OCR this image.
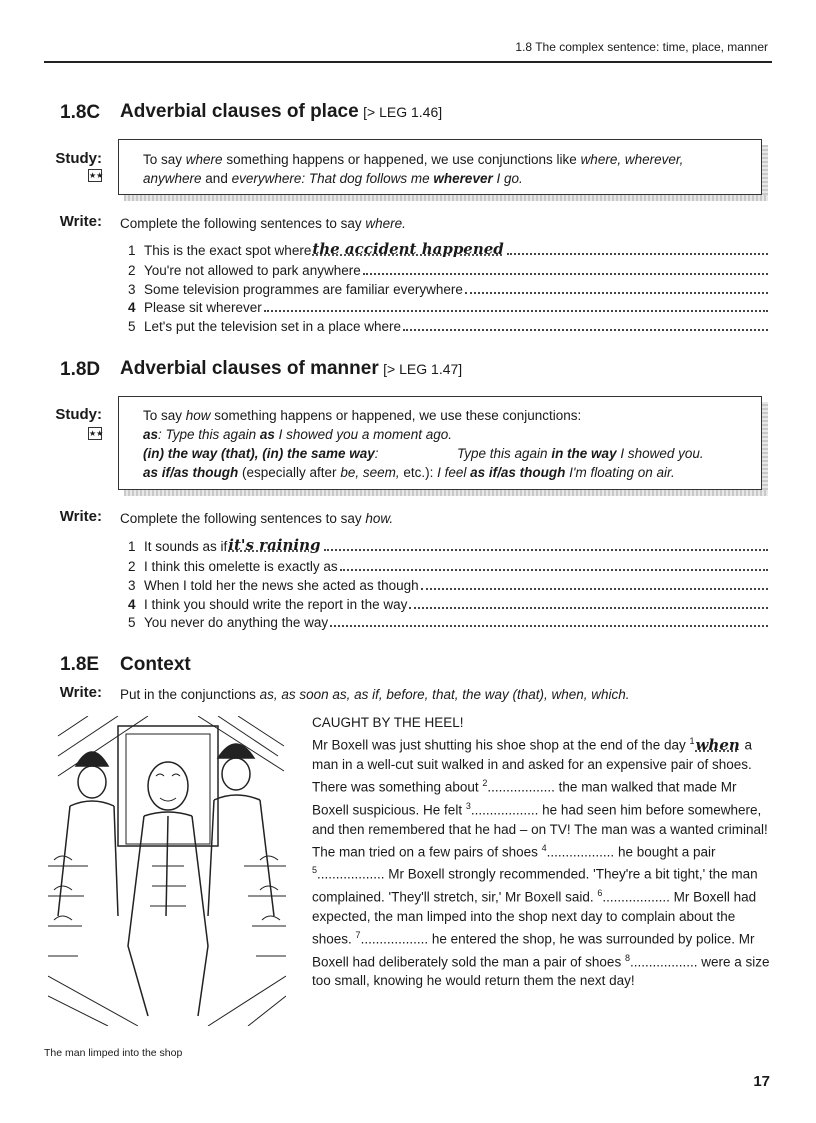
1.8 The complex sentence: time, place, manner
1.8C Adverbial clauses of place [> LEG 1.46]
Study:
★★
To say where something happens or happened, we use conjunctions like where, wherever,
anywhere and everywhere: That dog follows me wherever I go.
Write: Complete the following sentences to say where.
1 This is the exact spot where the accident happened
2 You're not allowed to park anywhere
3 Some television programmes are familiar everywhere
4 Please sit wherever
5 Let's put the television set in a place where
1.8D Adverbial clauses of manner [> LEG 1.47]
Study:
★★
To say how something happens or happened, we use these conjunctions:
as: Type this again as I showed you a moment ago.
(in) the way (that), (in) the same way:	Type this again in the way I showed you.
as if/as though (especially after be, seem, etc.): I feel as if/as though I'm floating on air.
Write: Complete the following sentences to say how.
1 It sounds as if it's raining
2 I think this omelette is exactly as
3 When I told her the news she acted as though
4 I think you should write the report in the way
5 You never do anything the way
1.8E Context
Write: Put in the conjunctions as, as soon as, as if, before, that, the way (that), when, which.
CAUGHT BY THE HEEL!
Mr Boxell was just shutting his shoe shop at the end of the day $^1$when a man in a well-cut suit walked in and asked for an expensive pair of shoes. There was something about $^2$.................. the man walked that made Mr Boxell suspicious. He felt $^3$.................. he had seen him before somewhere, and then remembered that he had – on TV! The man was a wanted criminal! The man tried on a few pairs of shoes $^4$.................. he bought a pair $^5$.................. Mr Boxell strongly recommended. 'They're a bit tight,' the man complained. 'They'll stretch, sir,' Mr Boxell said. $^6$.................. Mr Boxell had expected, the man limped into the shop next day to complain about the shoes. $^7$.................. he entered the shop, he was surrounded by police. Mr Boxell had deliberately sold the man a pair of shoes $^8$.................. were a size too small, knowing he would return them the next day!
The man limped into the shop
17
